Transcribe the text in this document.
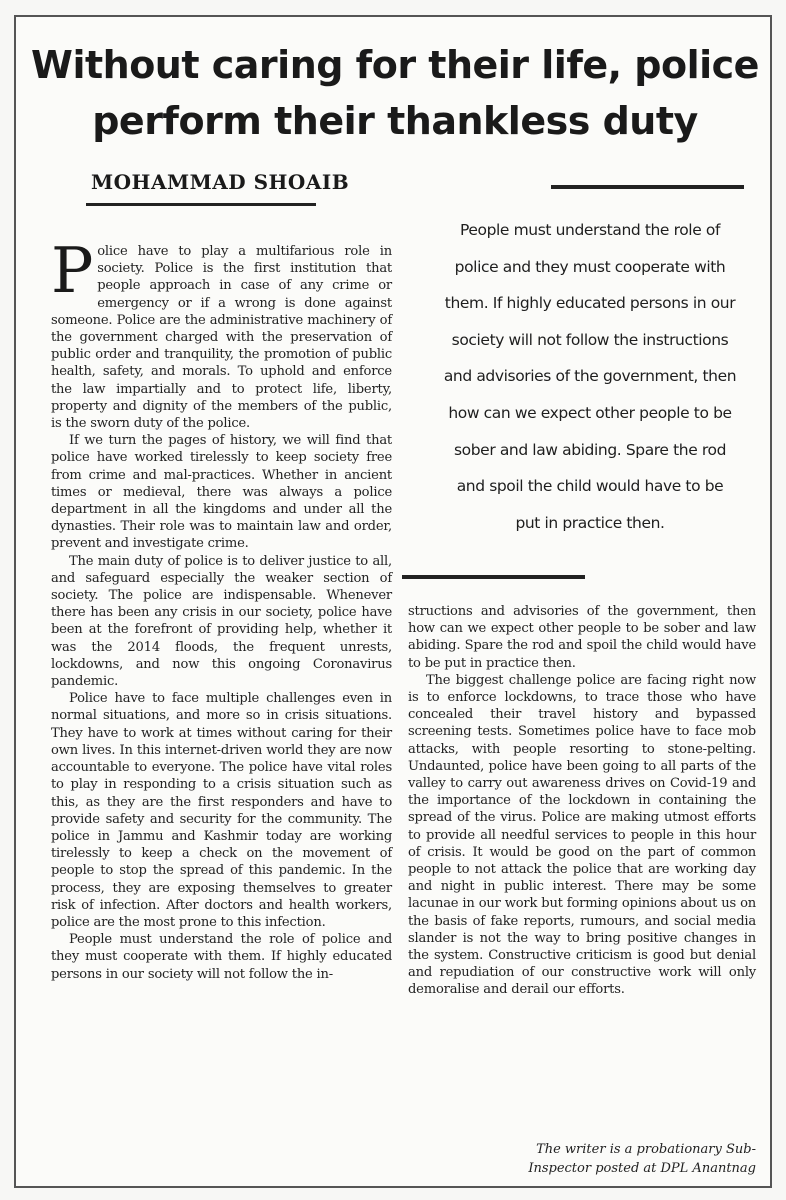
Without caring for their life, police
perform their thankless duty
MOHAMMAD SHOAIB
People must understand the role of
police and they must cooperate with
them. If highly educated persons in our
society will not follow the instructions
and advisories of the government, then
how can we expect other people to be
sober and law abiding. Spare the rod
and spoil the child would have to be
put in practice then.

Police have to play a multifarious role in society. Police is the first institution that people approach in case of any crime or emergency or if a wrong is done against someone. Police are the administrative machinery of the government charged with the preservation of public order and tranquility, the promotion of public health, safety, and morals. To uphold and enforce the law impartially and to protect life, liberty, property and dignity of the members of the public, is the sworn duty of the police.

If we turn the pages of history, we will find that police have worked tirelessly to keep society free from crime and mal-practices. Whether in ancient times or medieval, there was always a police department in all the kingdoms and under all the dynasties. Their role was to maintain law and order, prevent and investigate crime.

The main duty of police is to deliver justice to all, and safeguard especially the weaker section of society. The police are indispensable. Whenever there has been any crisis in our society, police have been at the forefront of providing help, whether it was the 2014 floods, the frequent unrests, lockdowns, and now this ongoing Coronavirus pandemic.

Police have to face multiple challenges even in normal situations, and more so in crisis situations. They have to work at times without caring for their own lives. In this internet-driven world they are now accountable to everyone. The police have vital roles to play in responding to a crisis situation such as this, as they are the first responders and have to provide safety and security for the community. The police in Jammu and Kashmir today are working tirelessly to keep a check on the movement of people to stop the spread of this pandemic. In the process, they are exposing themselves to greater risk of infection. After doctors and health workers, police are the most prone to this infection.

People must understand the role of police and they must cooperate with them. If highly educated persons in our society will not follow the in-

structions and advisories of the government, then how can we expect other people to be sober and law abiding. Spare the rod and spoil the child would have to be put in practice then.

The biggest challenge police are facing right now is to enforce lockdowns, to trace those who have concealed their travel history and bypassed screening tests. Sometimes police have to face mob attacks, with people resorting to stone-pelting. Undaunted, police have been going to all parts of the valley to carry out awareness drives on Covid-19 and the importance of the lockdown in containing the spread of the virus. Police are making utmost efforts to provide all needful services to people in this hour of crisis. It would be good on the part of common people to not attack the police that are working day and night in public interest. There may be some lacunae in our work but forming opinions about us on the basis of fake reports, rumours, and social media slander is not the way to bring positive changes in the system. Constructive criticism is good but denial and repudiation of our constructive work will only demoralise and derail our efforts.

The writer is a probationary Sub-
Inspector posted at DPL Anantnag
